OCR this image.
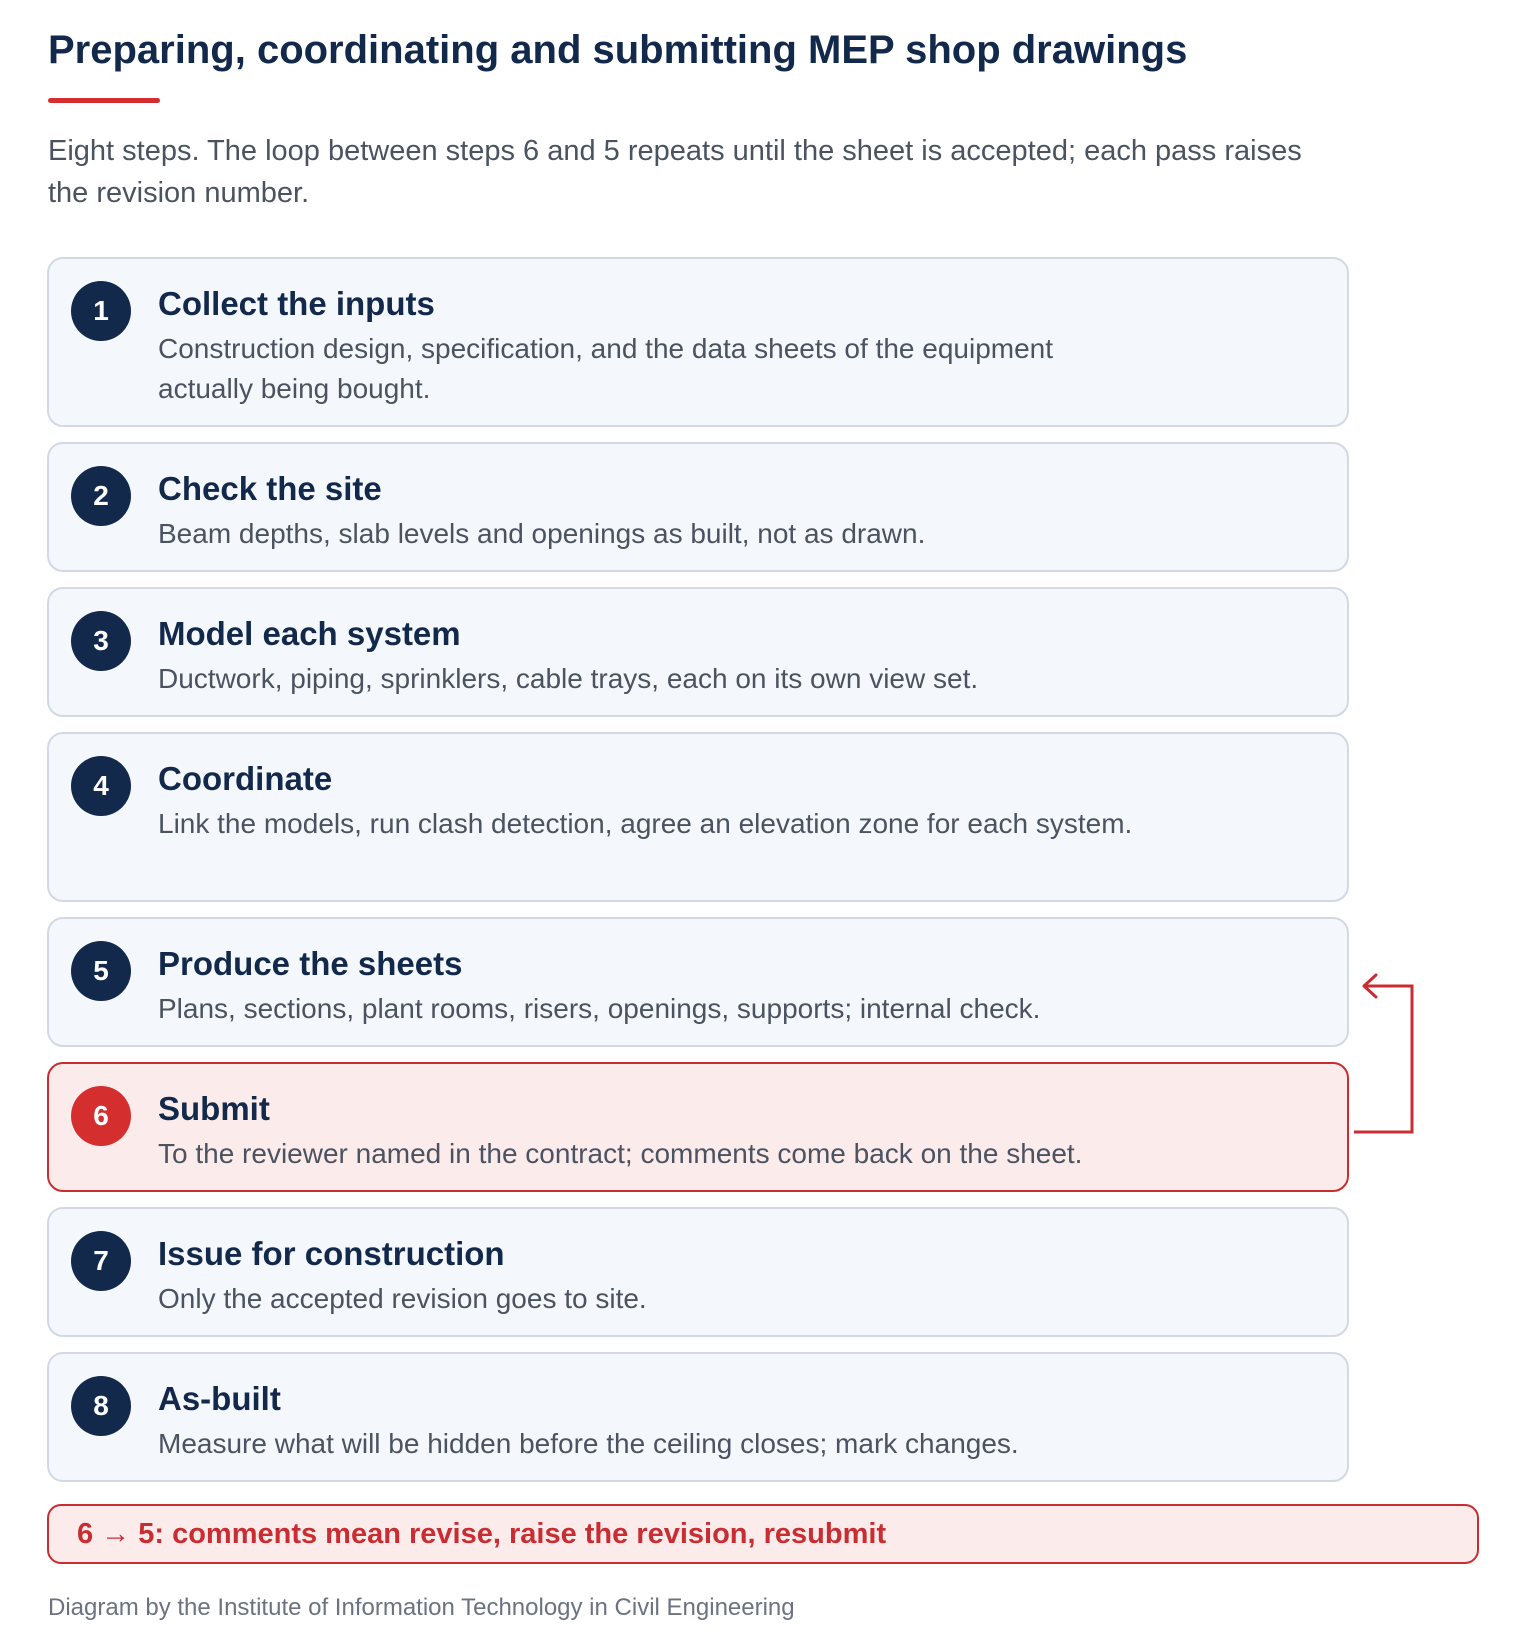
Preparing, coordinating and submitting MEP shop drawings

Eight steps. The loop between steps 6 and 5 repeats until the sheet is accepted; each pass raises the revision number.

1	Collect the inputs

Construction design, specification, and the data sheets of the equipment actually being bought.

2	Check the site

Beam depths, slab levels and openings as built, not as drawn.

3	Model each system

Ductwork, piping, sprinklers, cable trays, each on its own view set.

4	Coordinate

Link the models, run clash detection, agree an elevation zone for each system.

5	Produce the sheets

Plans, sections, plant rooms, risers, openings, supports; internal check.

6	Submit

To the reviewer named in the contract; comments come back on the sheet.

7	Issue for construction

Only the accepted revision goes to site.

8	As-built

Measure what will be hidden before the ceiling closes; mark changes.

6 → 5: comments mean revise, raise the revision, resubmit

Diagram by the Institute of Information Technology in Civil Engineering
